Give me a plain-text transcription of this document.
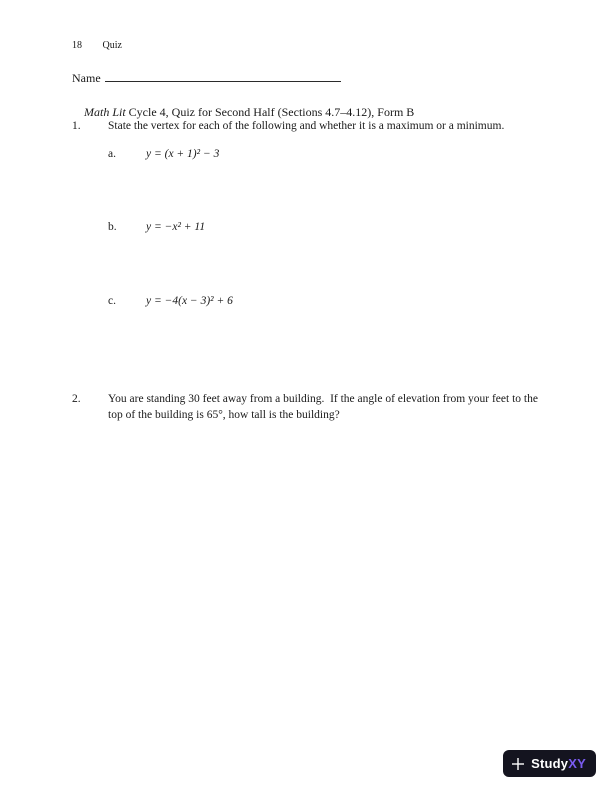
18 Quiz
Name

Math Lit Cycle 4, Quiz for Second Half (Sections 4.7–4.12), Form B

1.	State the vertex for each of the following and whether it is a maximum or a minimum.
a.	y = (x + 1)² − 3
b.	y = −x² + 11
c.	y = −4(x − 3)² + 6
2.	You are standing 30 feet away from a building.  If the angle of elevation from your feet to the top of the building is 65°, how tall is the building?
StudyXY
